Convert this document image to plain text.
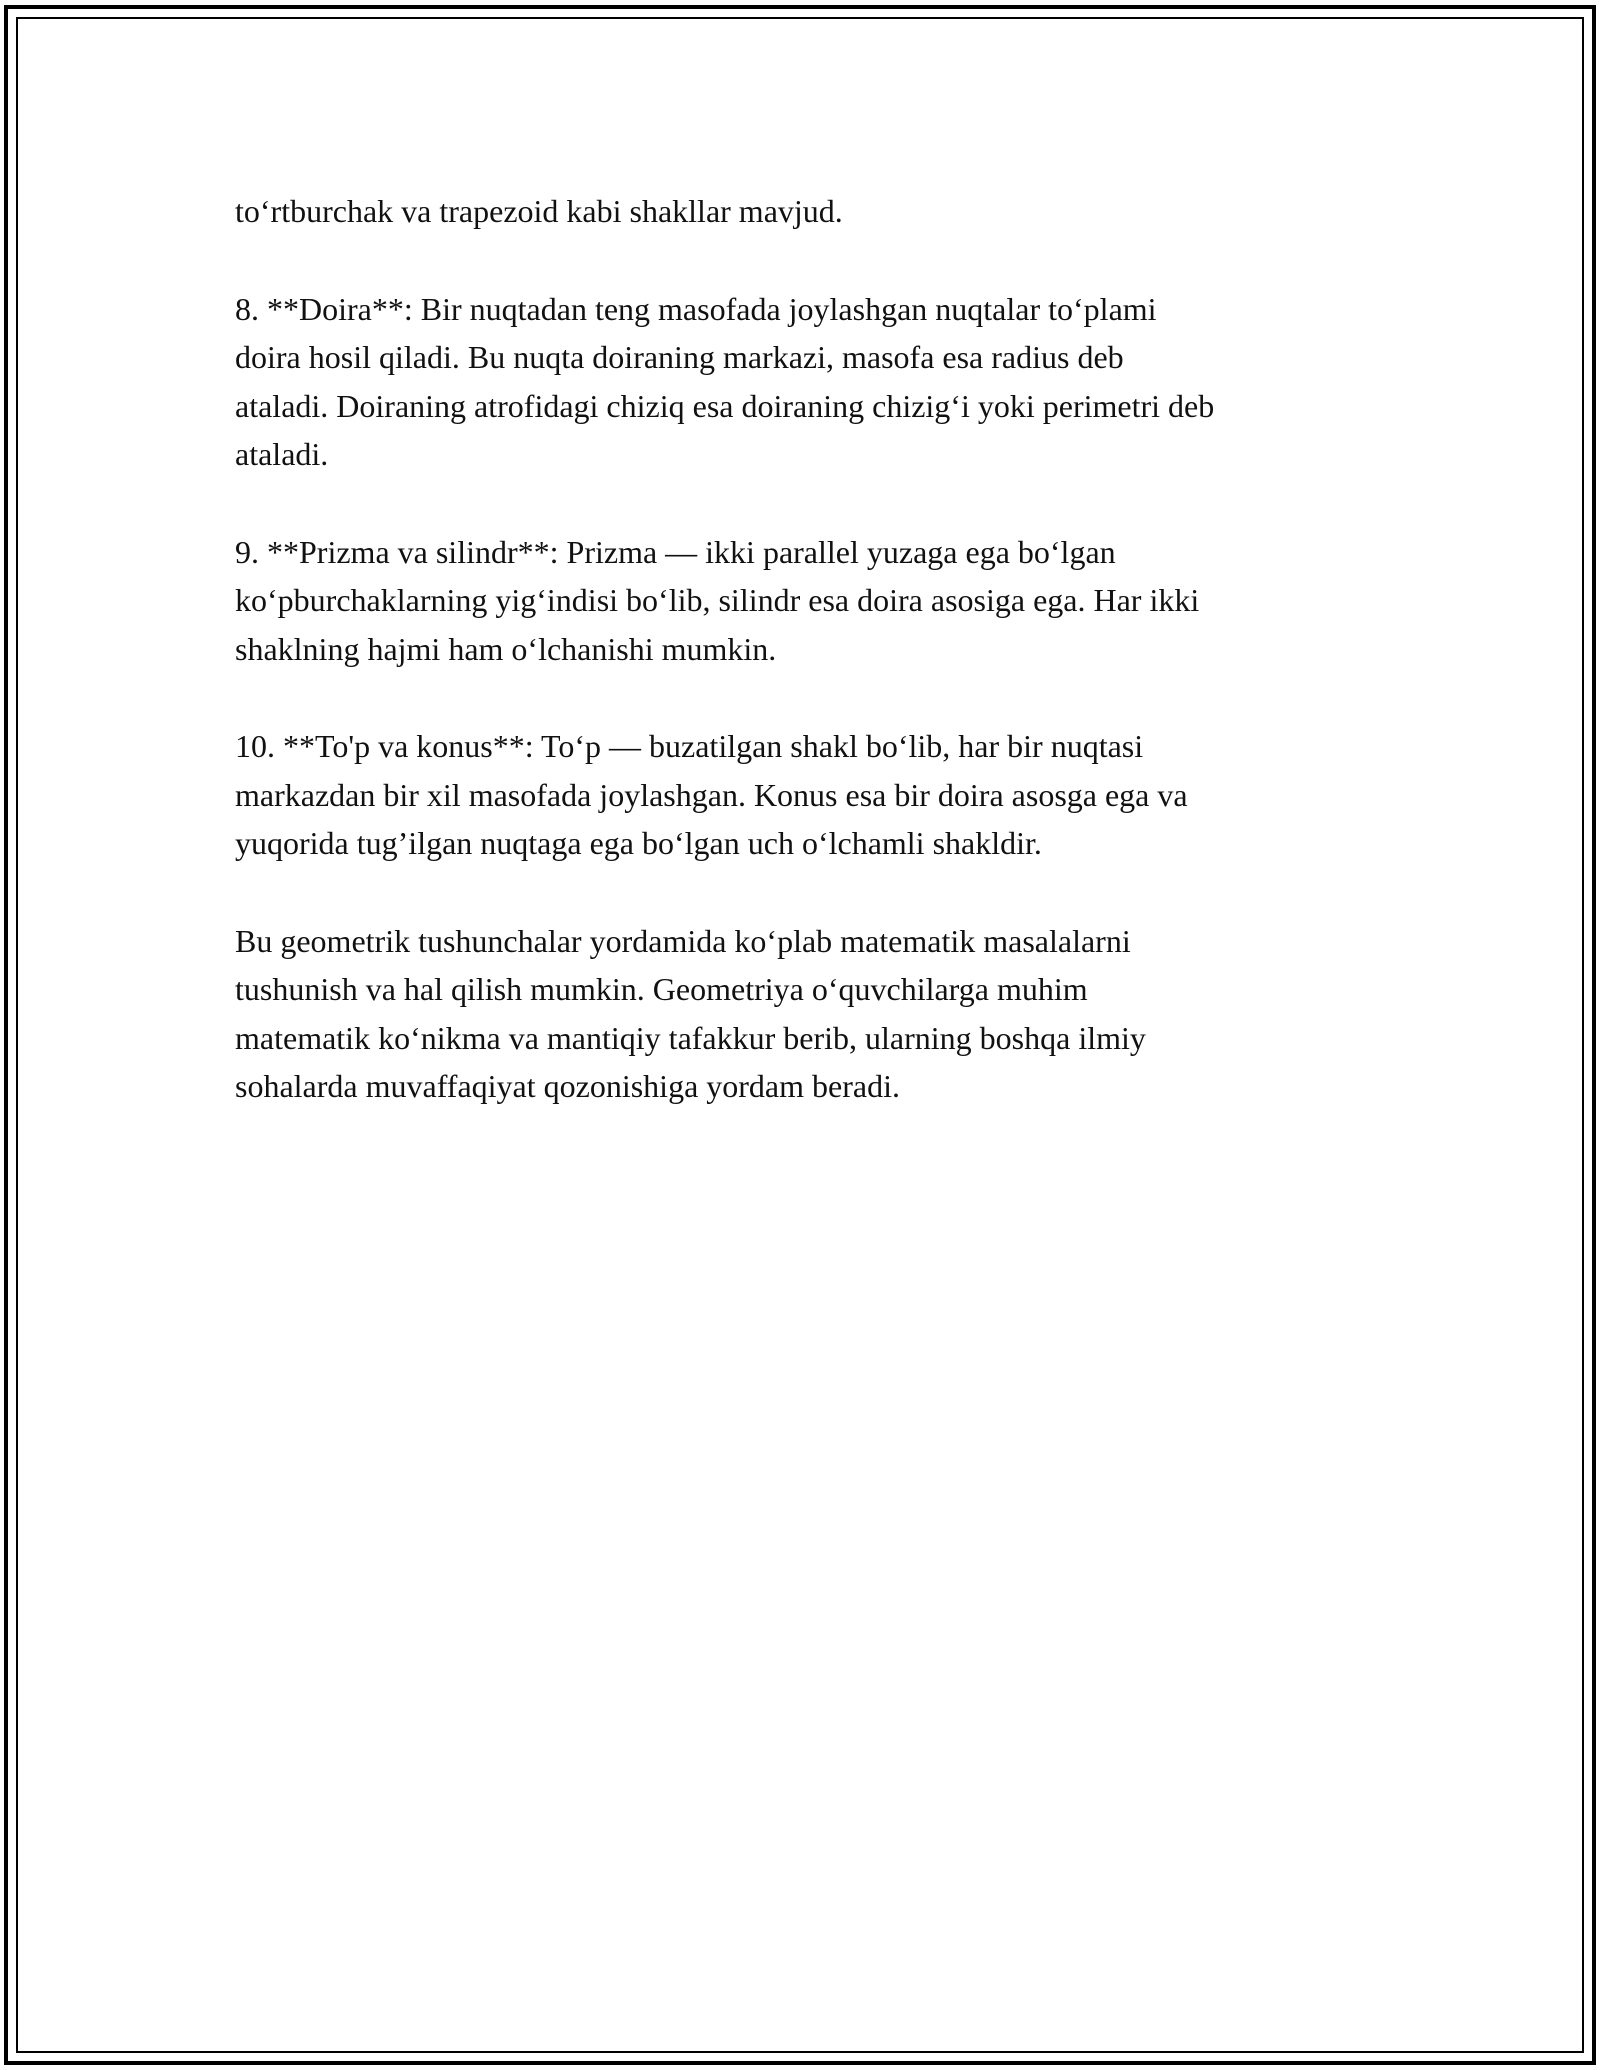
to‘rtburchak va trapezoid kabi shakllar mavjud.

8. **Doira**: Bir nuqtadan teng masofada joylashgan nuqtalar to‘plami
doira hosil qiladi. Bu nuqta doiraning markazi, masofa esa radius deb
ataladi. Doiraning atrofidagi chiziq esa doiraning chizig‘i yoki perimetri deb
ataladi.

9. **Prizma va silindr**: Prizma — ikki parallel yuzaga ega bo‘lgan
ko‘pburchaklarning yig‘indisi bo‘lib, silindr esa doira asosiga ega. Har ikki
shaklning hajmi ham o‘lchanishi mumkin.

10. **To'p va konus**: To‘p — buzatilgan shakl bo‘lib, har bir nuqtasi
markazdan bir xil masofada joylashgan. Konus esa bir doira asosga ega va
yuqorida tug’ilgan nuqtaga ega bo‘lgan uch o‘lchamli shakldir.

Bu geometrik tushunchalar yordamida ko‘plab matematik masalalarni
tushunish va hal qilish mumkin. Geometriya o‘quvchilarga muhim
matematik ko‘nikma va mantiqiy tafakkur berib, ularning boshqa ilmiy
sohalarda muvaffaqiyat qozonishiga yordam beradi.
